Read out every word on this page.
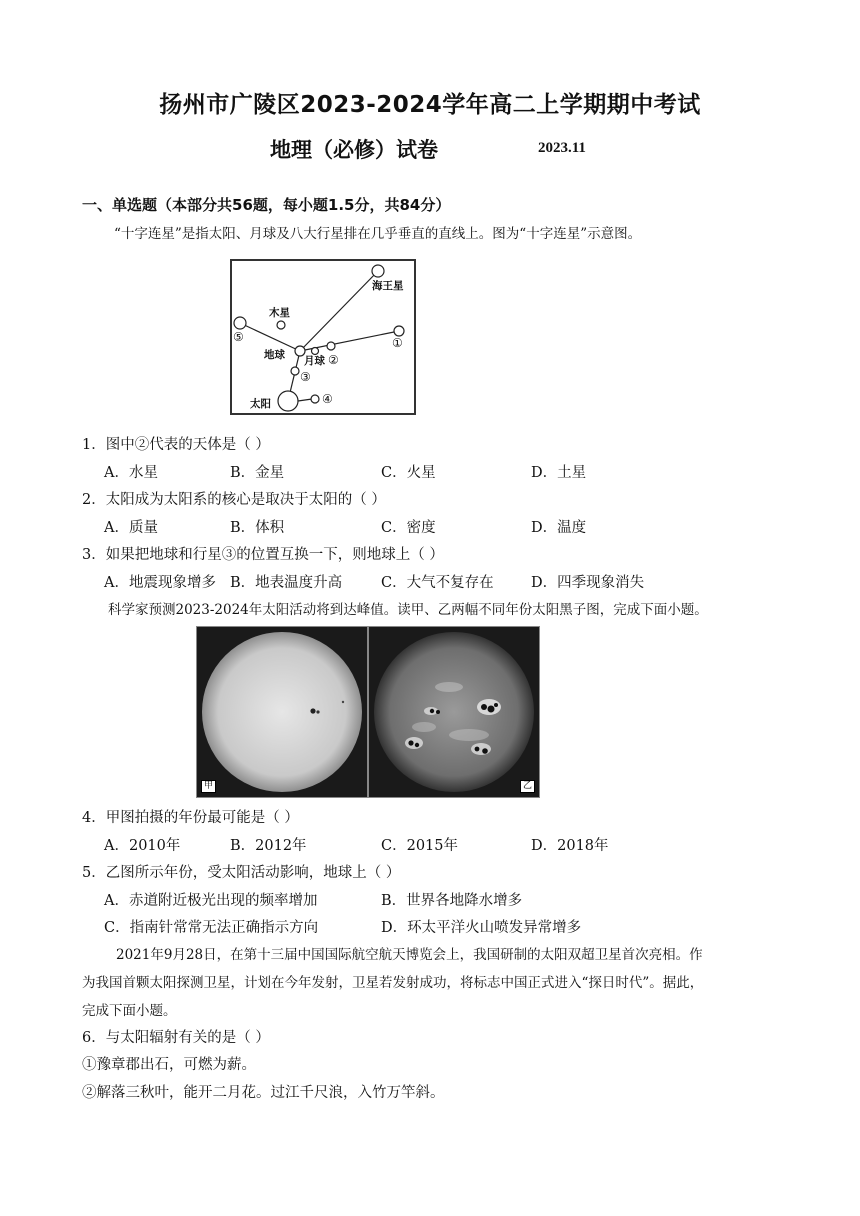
扬州市广陵区2023-2024学年高二上学期期中考试
地理（必修）试卷	2023.11
一、单选题（本部分共56题，每小题1.5分，共84分）
“十字连星”是指太阳、月球及八大行星排在几乎垂直的直线上。图为“十字连星”示意图。
海王星
木星
地球 月球
太阳
①
②
③
④
⑤
1．图中②代表的天体是（ ）
A．水星	B．金星	C．火星	D．土星
2．太阳成为太阳系的核心是取决于太阳的（ ）
A．质量	B．体积	C．密度	D．温度
3．如果把地球和行星③的位置互换一下，则地球上（ ）
A．地震现象增多 B．地表温度升高	C．大气不复存在	D．四季现象消失
科学家预测2023-2024年太阳活动将到达峰值。读甲、乙两幅不同年份太阳黑子图，完成下面小题。
甲	乙
4．甲图拍摄的年份最可能是（ ）
A．2010年	B．2012年	C．2015年	D．2018年
5．乙图所示年份，受太阳活动影响，地球上（ ）
A．赤道附近极光出现的频率增加	B．世界各地降水增多
C．指南针常常无法正确指示方向	D．环太平洋火山喷发异常增多
2021年9月28日，在第十三届中国国际航空航天博览会上，我国研制的太阳双超卫星首次亮相。作
为我国首颗太阳探测卫星，计划在今年发射，卫星若发射成功，将标志中国正式进入“探日时代”。据此，
完成下面小题。
6．与太阳辐射有关的是（ ）
①豫章郡出石，可燃为薪。
②解落三秋叶，能开二月花。过江千尺浪，入竹万竿斜。
